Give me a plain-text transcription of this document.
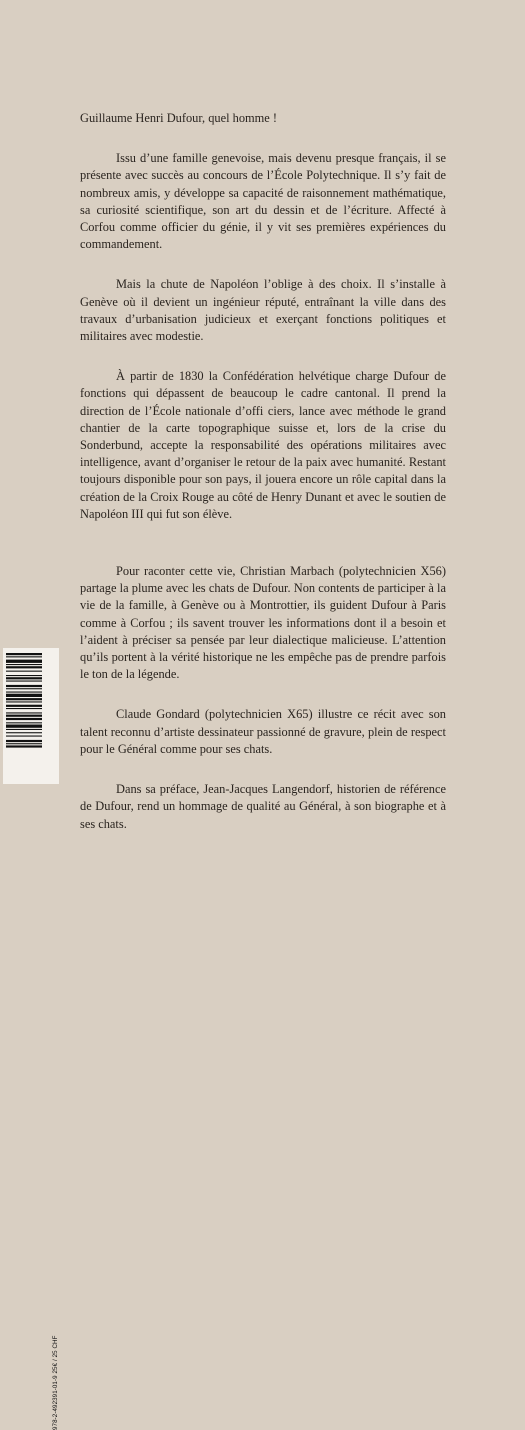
Guillaume Henri Dufour, quel homme !

Issu d’une famille genevoise, mais devenu presque français, il se présente avec succès au concours de l’École Polytechnique. Il s’y fait de nombreux amis, y développe sa capacité de raisonnement mathématique, sa curiosité scientifique, son art du dessin et de l’écriture. Affecté à Corfou comme officier du génie, il y vit ses premières expériences du commandement.

Mais la chute de Napoléon l’oblige à des choix. Il s’installe à Genève où il devient un ingénieur réputé, entraînant la ville dans des travaux d’urbanisation judicieux et exerçant fonctions politiques et militaires avec modestie.

À partir de 1830 la Confédération helvétique charge Dufour de fonctions qui dépassent de beaucoup le cadre cantonal. Il prend la direction de l’École nationale d’offi ciers, lance avec méthode le grand chantier de la carte topographique suisse et, lors de la crise du Sonderbund, accepte la responsabilité des opérations militaires avec intelligence, avant d’organiser le retour de la paix avec humanité. Restant toujours disponible pour son pays, il jouera encore un rôle capital dans la création de la Croix Rouge au côté de Henry Dunant et avec le soutien de Napoléon III qui fut son élève.

Pour raconter cette vie, Christian Marbach (polytechnicien X56) partage la plume avec les chats de Dufour. Non contents de participer à la vie de la famille, à Genève ou à Montrottier, ils guident Dufour à Paris comme à Corfou ; ils savent trouver les informations dont il a besoin et l’aident à préciser sa pensée par leur dialectique malicieuse. L’attention qu’ils portent à la vérité historique ne les empêche pas de prendre parfois le ton de la légende.

Claude Gondard (polytechnicien X65) illustre ce récit avec son talent reconnu d’artiste dessinateur passionné de gravure, plein de respect pour le Général comme pour ses chats.

Dans sa préface, Jean-Jacques Langendorf, historien de référence de Dufour, rend un hommage de qualité au Général, à son biographe et à ses chats.

978-2-492391-01-9 25€ / 25 CHF
